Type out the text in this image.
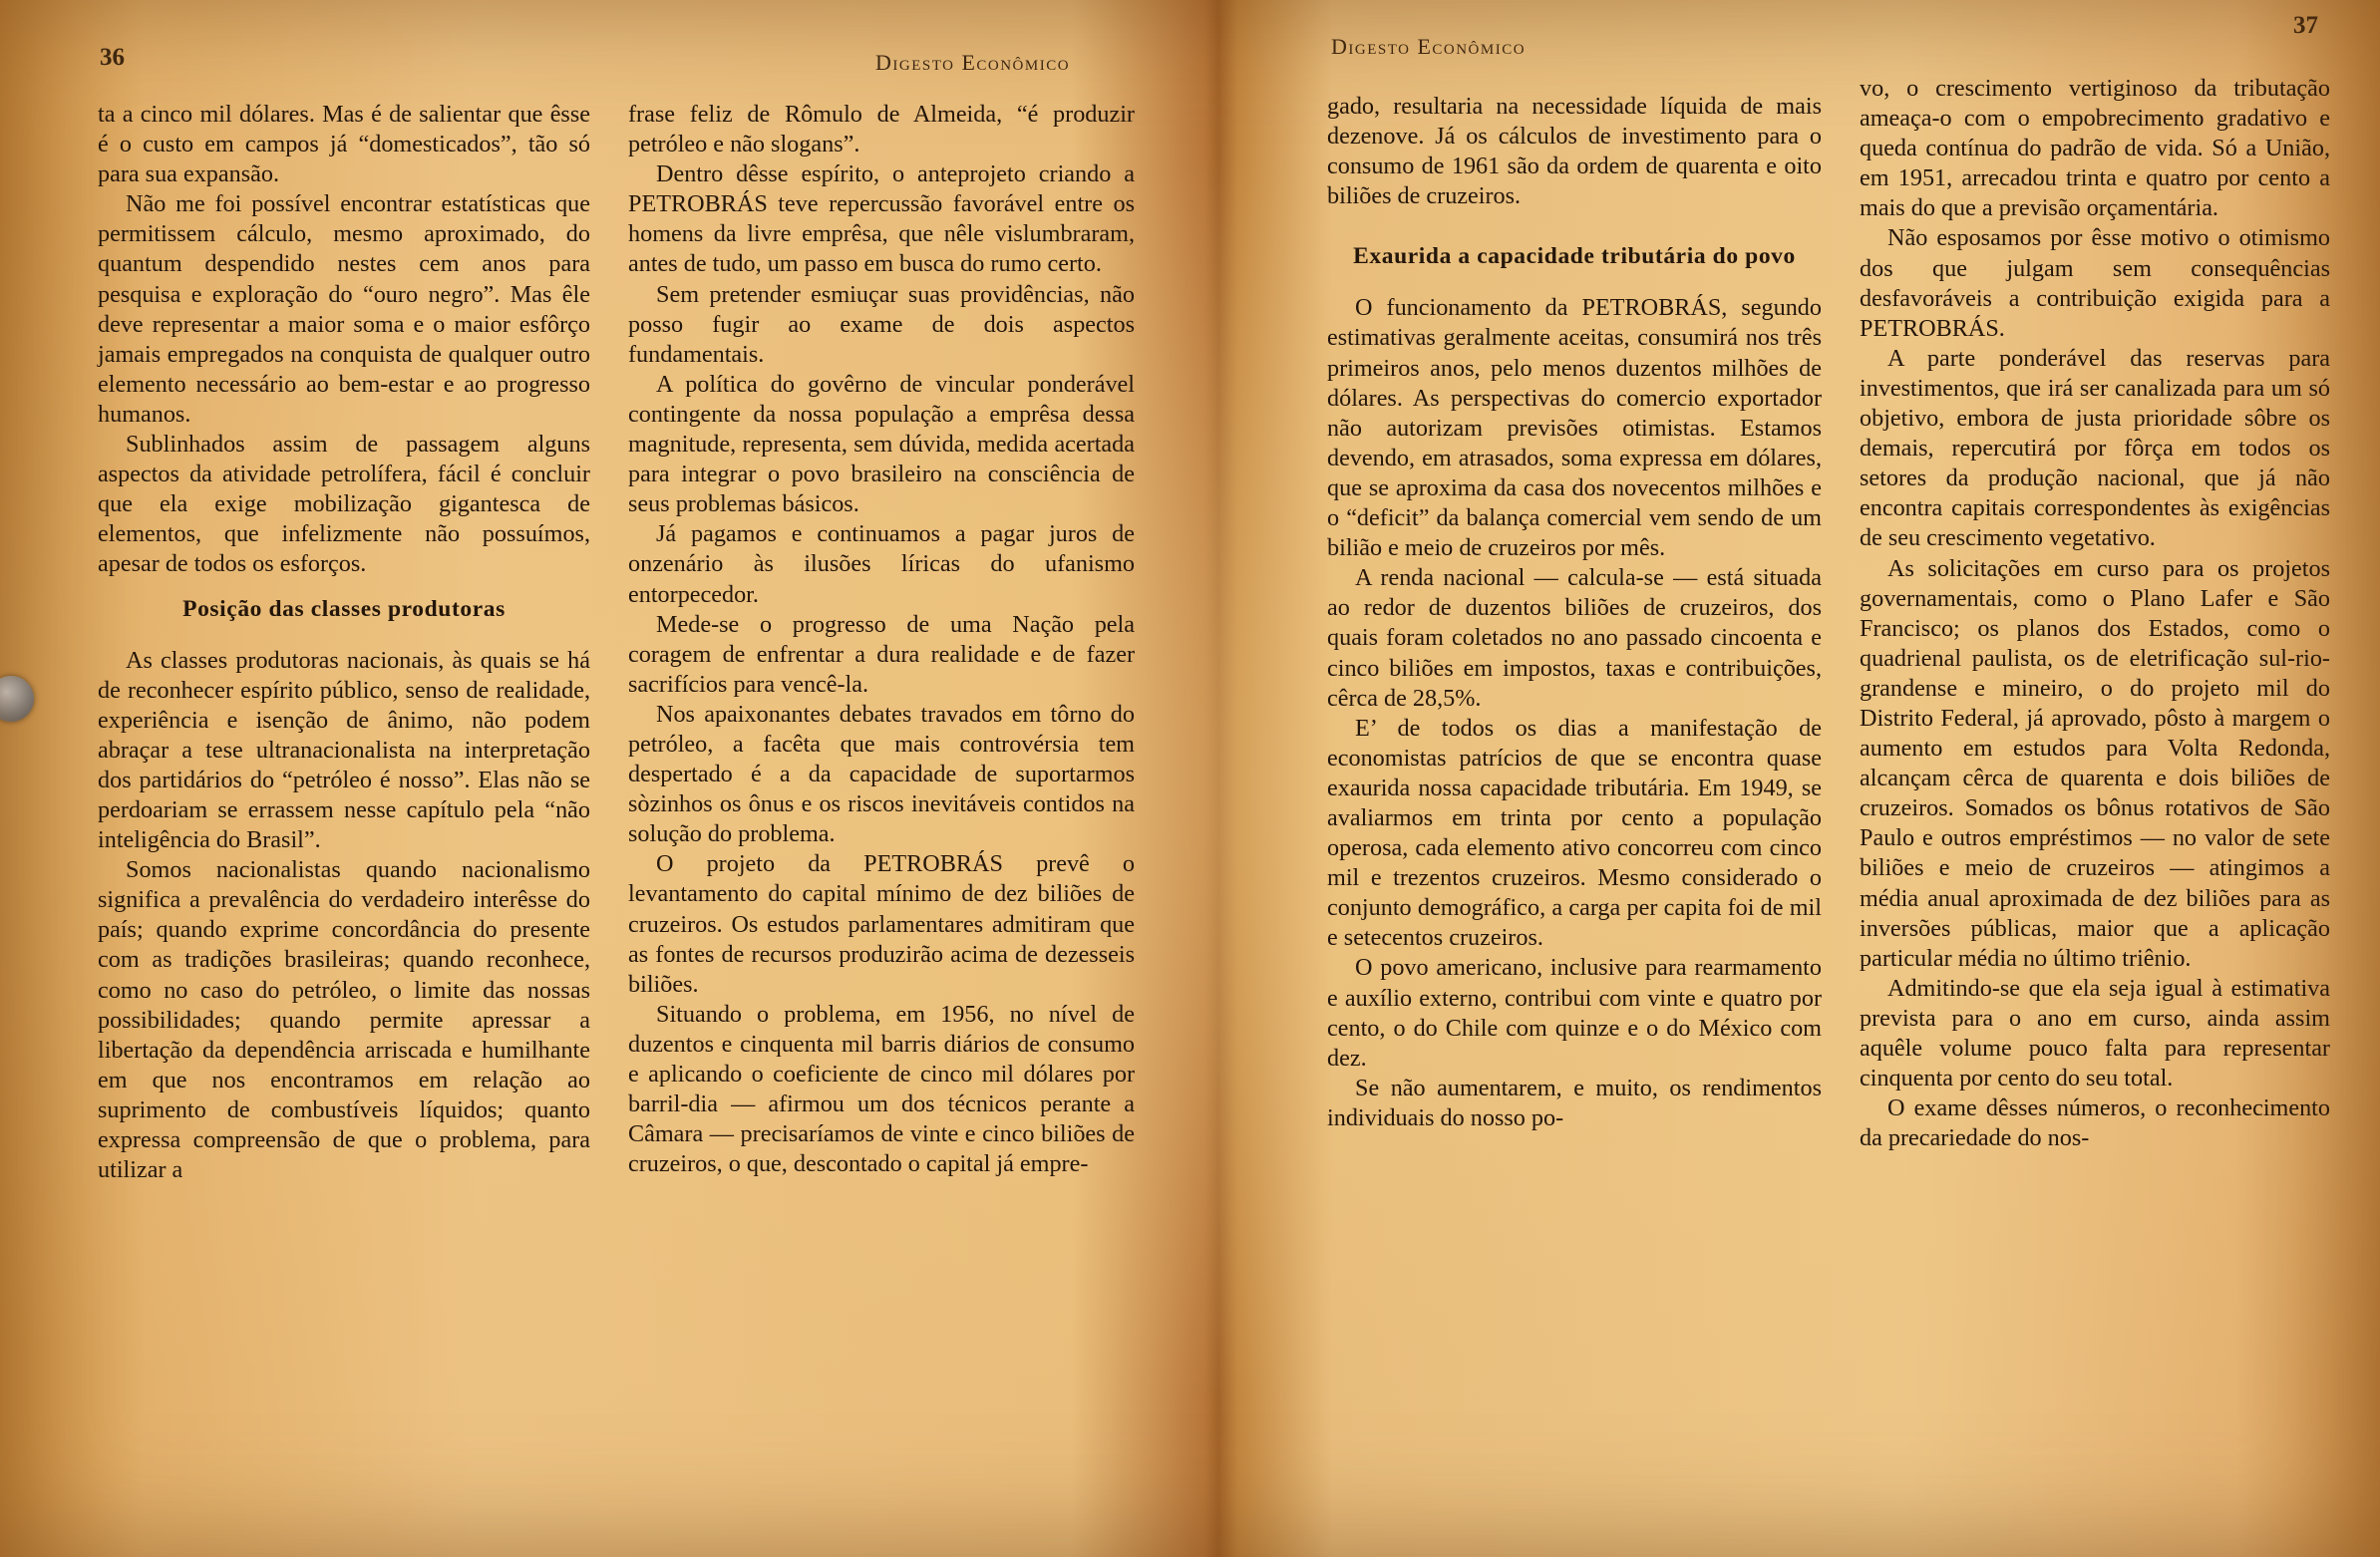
36	Digesto Econômico

ta a cinco mil dólares. Mas é de salientar que êsse é o custo em campos já “domesticados”, tão só para sua expansão.

Não me foi possível encontrar estatísticas que permitissem cálculo, mesmo aproximado, do quantum despendido nestes cem anos para pesquisa e exploração do “ouro negro”. Mas êle deve representar a maior soma e o maior esfôrço jamais empregados na conquista de qualquer outro elemento necessário ao bem-estar e ao progresso humanos.

Sublinhados assim de passagem alguns aspectos da atividade petrolífera, fácil é concluir que ela exige mobilização gigantesca de elementos, que infelizmente não possuímos, apesar de todos os esforços.

Posição das classes produtoras

As classes produtoras nacionais, às quais se há de reconhecer espírito público, senso de realidade, experiência e isenção de ânimo, não podem abraçar a tese ultranacionalista na interpretação dos partidários do “petróleo é nosso”. Elas não se perdoariam se errassem nesse capítulo pela “não inteligência do Brasil”.

Somos nacionalistas quando nacionalismo significa a prevalência do verdadeiro interêsse do país; quando exprime concordância do presente com as tradições brasileiras; quando reconhece, como no caso do petróleo, o limite das nossas possibilidades; quando permite apressar a libertação da dependência arriscada e humilhante em que nos encontramos em relação ao suprimento de combustíveis líquidos; quanto expressa compreensão de que o problema, para utilizar a

frase feliz de Rômulo de Almeida, “é produzir petróleo e não slogans”.

Dentro dêsse espírito, o anteprojeto criando a PETROBRÁS teve repercussão favorável entre os homens da livre emprêsa, que nêle vislumbraram, antes de tudo, um passo em busca do rumo certo.

Sem pretender esmiuçar suas providências, não posso fugir ao exame de dois aspectos fundamentais.

A política do govêrno de vincular ponderável contingente da nossa população a emprêsa dessa magnitude, representa, sem dúvida, medida acertada para integrar o povo brasileiro na consciência de seus problemas básicos.

Já pagamos e continuamos a pagar juros de onzenário às ilusões líricas do ufanismo entorpecedor.

Mede-se o progresso de uma Nação pela coragem de enfrentar a dura realidade e de fazer sacrifícios para vencê-la.

Nos apaixonantes debates travados em tôrno do petróleo, a facêta que mais controvérsia tem despertado é a da capacidade de suportarmos sòzinhos os ônus e os riscos inevitáveis contidos na solução do problema.

O projeto da PETROBRÁS prevê o levantamento do capital mínimo de dez biliões de cruzeiros. Os estudos parlamentares admitiram que as fontes de recursos produzirão acima de dezesseis biliões.

Situando o problema, em 1956, no nível de duzentos e cinquenta mil barris diários de consumo e aplicando o coeficiente de cinco mil dólares por barril-dia — afirmou um dos técnicos perante a Câmara — precisaríamos de vinte e cinco biliões de cruzeiros, o que, descontado o capital já empre-

Digesto Econômico
37

gado, resultaria na necessidade líquida de mais dezenove. Já os cálculos de investimento para o consumo de 1961 são da ordem de quarenta e oito biliões de cruzeiros.

Exaurida a capacidade tributária do povo

O funcionamento da PETROBRÁS, segundo estimativas geralmente aceitas, consumirá nos três primeiros anos, pelo menos duzentos milhões de dólares. As perspectivas do comercio exportador não autorizam previsões otimistas. Estamos devendo, em atrasados, soma expressa em dólares, que se aproxima da casa dos novecentos milhões e o “deficit” da balança comercial vem sendo de um bilião e meio de cruzeiros por mês.

A renda nacional — calcula-se — está situada ao redor de duzentos biliões de cruzeiros, dos quais foram coletados no ano passado cincoenta e cinco biliões em impostos, taxas e contribuições, cêrca de 28,5%.

E’ de todos os dias a manifestação de economistas patrícios de que se encontra quase exaurida nossa capacidade tributária. Em 1949, se avaliarmos em trinta por cento a população operosa, cada elemento ativo concorreu com cinco mil e trezentos cruzeiros. Mesmo considerado o conjunto demográfico, a carga per capita foi de mil e setecentos cruzeiros.

O povo americano, inclusive para rearmamento e auxílio externo, contribui com vinte e quatro por cento, o do Chile com quinze e o do México com dez.

Se não aumentarem, e muito, os rendimentos individuais do nosso po-

vo, o crescimento vertiginoso da tributação ameaça-o com o empobrecimento gradativo e queda contínua do padrão de vida. Só a União, em 1951, arrecadou trinta e quatro por cento a mais do que a previsão orçamentária.

Não esposamos por êsse motivo o otimismo dos que julgam sem consequências desfavoráveis a contribuição exigida para a PETROBRÁS.

A parte ponderável das reservas para investimentos, que irá ser canalizada para um só objetivo, embora de justa prioridade sôbre os demais, repercutirá por fôrça em todos os setores da produção nacional, que já não encontra capitais correspondentes às exigências de seu crescimento vegetativo.

As solicitações em curso para os projetos governamentais, como o Plano Lafer e São Francisco; os planos dos Estados, como o quadrienal paulista, os de eletrificação sul-rio-grandense e mineiro, o do projeto mil do Distrito Federal, já aprovado, pôsto à margem o aumento em estudos para Volta Redonda, alcançam cêrca de quarenta e dois biliões de cruzeiros. Somados os bônus rotativos de São Paulo e outros empréstimos — no valor de sete biliões e meio de cruzeiros — atingimos a média anual aproximada de dez biliões para as inversões públicas, maior que a aplicação particular média no último triênio.

Admitindo-se que ela seja igual à estimativa prevista para o ano em curso, ainda assim aquêle volume pouco falta para representar cinquenta por cento do seu total.

O exame dêsses números, o reconhecimento da precariedade do nos-
